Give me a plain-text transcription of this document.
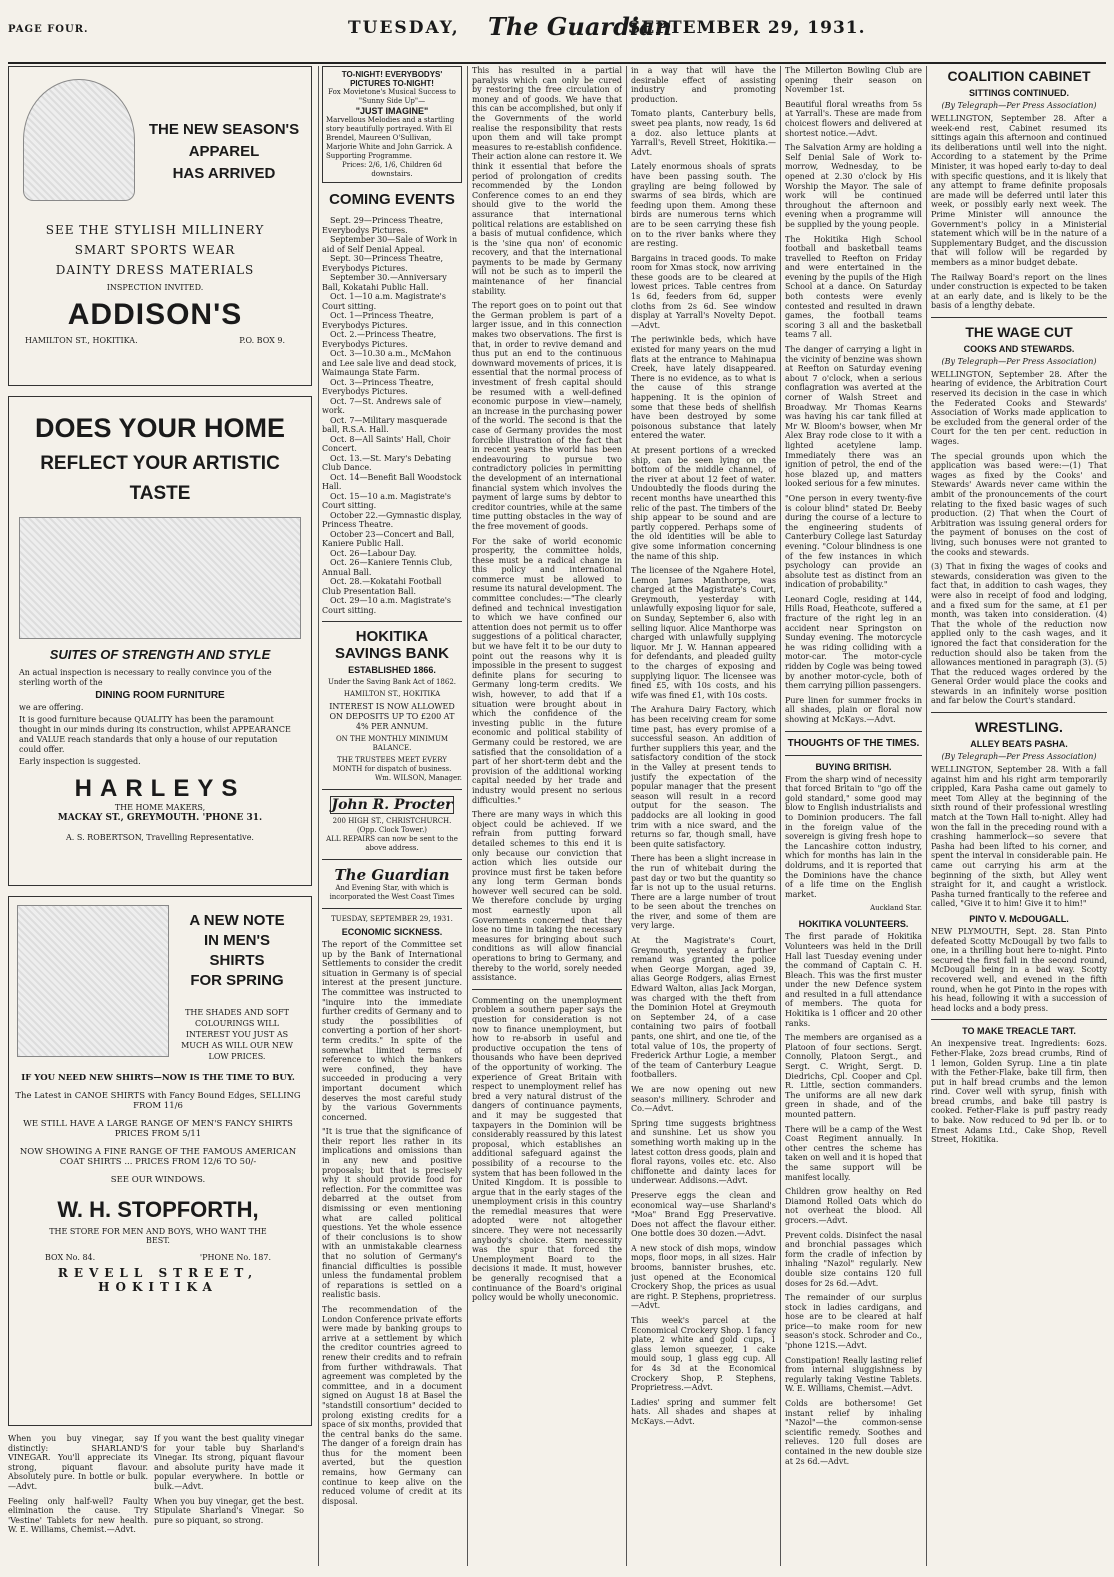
PAGE FOUR.	TUESDAY, The Guardian
SEPTEMBER 29, 1931.
THE NEW SEASON'S
APPAREL
HAS ARRIVED
SEE THE STYLISH MILLINERY
SMART SPORTS WEAR
DAINTY DRESS MATERIALS
INSPECTION INVITED.
ADDISON'S
HAMILTON ST., HOKITIKA.	P.O. BOX 9.
DOES YOUR HOME
REFLECT YOUR ARTISTIC
TASTE
SUITES OF STRENGTH AND STYLE
An actual inspection is necessary to really convince you of the sterling worth of the
DINING ROOM FURNITURE
we are offering.
It is good furniture because QUALITY has been the paramount thought in our minds during its construction, whilst APPEARANCE and VALUE reach standards that only a house of our reputation could offer.
Early inspection is suggested.
HARLEYS
THE HOME MAKERS,
MACKAY ST., GREYMOUTH. 'PHONE 31.
A. S. ROBERTSON, Travelling Representative.
A NEW NOTE
IN MEN'S
SHIRTS
FOR SPRING
THE SHADES AND SOFT COLOURINGS WILL INTEREST YOU JUST AS MUCH AS WILL OUR NEW LOW PRICES.
IF YOU NEED NEW SHIRTS—NOW IS THE TIME TO BUY.
The Latest in CANOE SHIRTS with Fancy Bound Edges, SELLING FROM 11/6
WE STILL HAVE A LARGE RANGE OF MEN'S FANCY SHIRTS PRICES FROM 5/11
NOW SHOWING A FINE RANGE OF THE FAMOUS AMERICAN COAT SHIRTS ... PRICES FROM 12/6 TO 50/-
SEE OUR WINDOWS.
W. H. STOPFORTH,
THE STORE FOR MEN AND BOYS, WHO WANT THE BEST.
BOX No. 84.	'PHONE No. 187.
REVELL STREET, HOKITIKA
When you buy vinegar, say distinctly: SHARLAND'S VINEGAR. You'll appreciate its strong, piquant flavour. Absolutely pure. In bottle or bulk.—Advt.
If you want the best quality vinegar for your table buy Sharland's Vinegar. Its strong, piquant flavour and absolute purity have made it popular everywhere. In bottle or bulk.—Advt.
Feeling only half-well? Faulty elimination the cause. Try 'Vestine' Tablets for new health. W. E. Williams, Chemist.—Advt.
When you buy vinegar, get the best. Stipulate Sharland's Vinegar. So pure so piquant, so strong.
TO-NIGHT! EVERYBODYS' PICTURES TO-NIGHT!
Fox Movietone's Musical Success to "Sunny Side Up"—
"JUST IMAGINE"
Marvellous Melodies and a startling story beautifully portrayed. With El Brendel, Maureen O'Sullivan, Marjorie White and John Garrick. A Supporting Programme.
Prices: 2/6, 1/6, Children 6d downstairs.
COMING EVENTS
Sept. 29—Princess Theatre, Everybodys Pictures.
September 30—Sale of Work in aid of Self Denial Appeal.
Sept. 30—Princess Theatre, Everybodys Pictures.
September 30.—Anniversary Ball, Kokatahi Public Hall.
Oct. 1—10 a.m. Magistrate's Court sitting.
Oct. 1—Princess Theatre, Everybodys Pictures.
Oct. 2.—Princess Theatre, Everybodys Pictures.
Oct. 3—10.30 a.m., McMahon and Lee sale live and dead stock, Waimaunga State Farm.
Oct. 3—Princess Theatre, Everybodys Pictures.
Oct. 7—St. Andrews sale of work.
Oct. 7—Military masquerade ball, R.S.A. Hall.
Oct. 8—All Saints' Hall, Choir Concert.
Oct. 13.—St. Mary's Debating Club Dance.
Oct. 14—Benefit Ball Woodstock Hall.
Oct. 15—10 a.m. Magistrate's Court sitting.
October 22.—Gymnastic display, Princess Theatre.
October 23—Concert and Ball, Kaniere Public Hall.
Oct. 26—Labour Day.
Oct. 26—Kaniere Tennis Club, Annual Ball.
Oct. 28.—Kokatahi Football Club Presentation Ball.
Oct. 29—10 a.m. Magistrate's Court sitting.
HOKITIKA SAVINGS BANK
ESTABLISHED 1866.
Under the Saving Bank Act of 1862.
HAMILTON ST., HOKITIKA
INTEREST IS NOW ALLOWED ON DEPOSITS UP TO £200 AT 4% PER ANNUM.
ON THE MONTHLY MINIMUM BALANCE.
THE TRUSTEES MEET EVERY MONTH for dispatch of business.
Wm. WILSON, Manager.
John R. Procter
200 HIGH ST., CHRISTCHURCH. (Opp. Clock Tower.)
ALL REPAIRS can now be sent to the above address.
The Guardian
And Evening Star, with which is incorporated the West Coast Times
TUESDAY, SEPTEMBER 29, 1931.
ECONOMIC SICKNESS.
The report of the Committee set up by the Bank of International Settlements to consider the credit situation in Germany is of special interest at the present juncture. The committee was instructed to "inquire into the immediate further credits of Germany and to study the possibilities of converting a portion of her short-term credits." In spite of the somewhat limited terms of reference to which the bankers were confined, they have succeeded in producing a very important document which deserves the most careful study by the various Governments concerned.
"It is true that the significance of their report lies rather in its implications and omissions than in any new and positive proposals; but that is precisely why it should provide food for reflection. For the committee was debarred at the outset from dismissing or even mentioning what are called political questions. Yet the whole essence of their conclusions is to show with an unmistakable clearness that no solution of Germany's financial difficulties is possible unless the fundamental problem of reparations is settled on a realistic basis.
The recommendation of the London Conference private efforts were made by banking groups to arrive at a settlement by which the creditor countries agreed to renew their credits and to refrain from further withdrawals. That agreement was completed by the committee, and in a document signed on August 18 at Basel the "standstill consortium" decided to prolong existing credits for a space of six months, provided that the central banks do the same. The danger of a foreign drain has thus for the moment been averted, but the question remains, how Germany can continue to keep alive on the reduced volume of credit at its disposal.
This has resulted in a partial paralysis which can only be cured by restoring the free circulation of money and of goods. We have that this can be accomplished, but only if the Governments of the world realise the responsibility that rests upon them and will take prompt measures to re-establish confidence. Their action alone can restore it. We think it essential that before the period of prolongation of credits recommended by the London Conference comes to an end they should give to the world the assurance that international political relations are established on a basis of mutual confidence, which is the 'sine qua non' of economic recovery, and that the international payments to be made by Germany will not be such as to imperil the maintenance of her financial stability.
The report goes on to point out that the German problem is part of a larger issue, and in this connection makes two observations. The first is that, in order to revive demand and thus put an end to the continuous downward movements of prices, it is essential that the normal process of investment of fresh capital should be resumed with a well-defined economic purpose in view—namely, an increase in the purchasing power of the world. The second is that the case of Germany provides the most forcible illustration of the fact that in recent years the world has been endeavouring to pursue two contradictory policies in permitting the development of an international financial system which involves the payment of large sums by debtor to creditor countries, while at the same time putting obstacles in the way of the free movement of goods.
For the sake of world economic prosperity, the committee holds, these must be a radical change in this policy and international commerce must be allowed to resume its natural development. The committee concludes:—"The clearly defined and technical investigation to which we have confined our attention does not permit us to offer suggestions of a political character, but we have felt it to be our duty to point out the reasons why it is impossible in the present to suggest definite plans for securing to Germany long-term credits. We wish, however, to add that if a situation were brought about in which the confidence of the investing public in the future economic and political stability of Germany could be restored, we are satisfied that the consolidation of a part of her short-term debt and the provision of the additional working capital needed by her trade and industry would present no serious difficulties."
There are many ways in which this object could be achieved. If we refrain from putting forward detailed schemes to this end it is only because our conviction that action which lies outside our province must first be taken before any long term German bonds however well secured can be sold. We therefore conclude by urging most earnestly upon all Governments concerned that they lose no time in taking the necessary measures for bringing about such conditions as will allow financial operations to bring to Germany, and thereby to the world, sorely needed assistance.
Commenting on the unemployment problem a southern paper says the question for consideration is not now to finance unemployment, but how to re-absorb in useful and productive occupation the tens of thousands who have been deprived of the opportunity of working. The experience of Great Britain with respect to unemployment relief has bred a very natural distrust of the dangers of continuance payments, and it may be suggested that taxpayers in the Dominion will be considerably reassured by this latest proposal, which establishes an additional safeguard against the possibility of a recourse to the system that has been followed in the United Kingdom. It is possible to argue that in the early stages of the unemployment crisis in this country the remedial measures that were adopted were not altogether sincere. They were not necessarily anybody's choice. Stern necessity was the spur that forced the Unemployment Board to the decisions it made. It must, however be generally recognised that a continuance of the Board's original policy would be wholly uneconomic.
in a way that will have the desirable effect of assisting industry and promoting production.
Tomato plants, Canterbury bells, sweet pea plants, now ready, 1s 6d a doz. also lettuce plants at Yarrall's, Revell Street, Hokitika.—Advt.
Lately enormous shoals of sprats have been passing south. The grayling are being followed by swarms of sea birds, which are feeding upon them. Among these birds are numerous terns which are to be seen carrying these fish on to the river banks where they are resting.
Bargains in traced goods. To make room for Xmas stock, now arriving these goods are to be cleared at lowest prices. Table centres from 1s 6d, feeders from 6d, supper cloths from 2s 6d. See window display at Yarrall's Novelty Depot.—Advt.
The periwinkle beds, which have existed for many years on the mud flats at the entrance to Mahinapua Creek, have lately disappeared. There is no evidence, as to what is the cause of this strange happening. It is the opinion of some that these beds of shellfish have been destroyed by some poisonous substance that lately entered the water.
At present portions of a wrecked ship, can be seen lying on the bottom of the middle channel, of the river at about 12 feet of water. Undoubtedly the floods during the recent months have unearthed this relic of the past. The timbers of the ship appear to be sound and are partly coppered. Perhaps some of the old identities will be able to give some information concerning the name of this ship.
The licensee of the Ngahere Hotel, Lemon James Manthorpe, was charged at the Magistrate's Court, Greymouth, yesterday with unlawfully exposing liquor for sale, on Sunday, September 6, also with selling liquor. Alice Manthorpe was charged with unlawfully supplying liquor. Mr J. W. Hannan appeared for defendants, and pleaded guilty to the charges of exposing and supplying liquor. The licensee was fined £5, with 10s costs, and his wife was fined £1, with 10s costs.
The Arahura Dairy Factory, which has been receiving cream for some time past, has every promise of a successful season. An addition of further suppliers this year, and the satisfactory condition of the stock in the Valley at present tends to justify the expectation of the popular manager that the present season will result in a record output for the season. The paddocks are all looking in good trim with a nice sward, and the returns so far, though small, have been quite satisfactory.
There has been a slight increase in the run of whitebait during the past day or two but the quantity so far is not up to the usual returns. There are a large number of trout to be seen about the trenches on the river, and some of them are very large.
At the Magistrate's Court, Greymouth, yesterday a further remand was granted the police when George Morgan, aged 39, alias George Rodgers, alias Ernest Edward Walton, alias Jack Morgan, was charged with the theft from the Dominion Hotel at Greymouth on September 24, of a case containing two pairs of football pants, one shirt, and one tie, of the total value of 10s, the property of Frederick Arthur Logie, a member of the team of Canterbury League footballers.
We are now opening out new season's millinery. Schroder and Co.—Advt.
Spring time suggests brightness and sunshine. Let us show you something worth making up in the latest cotton dress goods, plain and floral rayons, voiles etc. etc. Also chiffonette and dainty laces for underwear. Addisons.—Advt.
Preserve eggs the clean and economical way—use Sharland's "Moa" Brand Egg Preservative. Does not affect the flavour either. One bottle does 30 dozen.—Advt.
A new stock of dish mops, window mops, floor mops, in all sizes. Hair brooms, bannister brushes, etc. just opened at the Economical Crockery Shop, the prices as usual are right. P. Stephens, proprietress.—Advt.
This week's parcel at the Economical Crockery Shop. 1 fancy plate, 2 white and gold cups, 1 glass lemon squeezer, 1 cake mould soup, 1 glass egg cup. All for 4s 3d at the Economical Crockery Shop, P. Stephens, Proprietress.—Advt.
Ladies' spring and summer felt hats. All shades and shapes at McKays.—Advt.
The Millerton Bowling Club are opening their season on November 1st.
Beautiful floral wreaths from 5s at Yarrall's. These are made from choicest flowers and delivered at shortest notice.—Advt.
The Salvation Army are holding a Self Denial Sale of Work to-morrow, Wednesday, to be opened at 2.30 o'clock by His Worship the Mayor. The sale of work will be continued throughout the afternoon and evening when a programme will be supplied by the young people.
The Hokitika High School football and basketball teams travelled to Reefton on Friday and were entertained in the evening by the pupils of the High School at a dance. On Saturday both contests were evenly contested and resulted in drawn games, the football teams scoring 3 all and the basketball teams 7 all.
The danger of carrying a light in the vicinity of benzine was shown at Reefton on Saturday evening about 7 o'clock, when a serious conflagration was averted at the corner of Walsh Street and Broadway. Mr Thomas Kearns was having his car tank filled at Mr W. Bloom's bowser, when Mr Alex Bray rode close to it with a lighted acetylene lamp. Immediately there was an ignition of petrol, the end of the hose blazed up, and matters looked serious for a few minutes.
"One person in every twenty-five is colour blind" stated Dr. Beeby during the course of a lecture to the engineering students of Canterbury College last Saturday evening. "Colour blindness is one of the few instances in which psychology can provide an absolute test as distinct from an indication of probability."
Leonard Cogle, residing at 144, Hills Road, Heathcote, suffered a fracture of the right leg in an accident near Springston on Sunday evening. The motorcycle he was riding colliding with a motor-car. The motor-cycle ridden by Cogle was being towed by another motor-cycle, both of them carrying pillion passengers.
Pure linen for summer frocks in all shades, plain or floral now showing at McKays.—Advt.
THOUGHTS OF THE TIMES.
BUYING BRITISH.
From the sharp wind of necessity that forced Britain to "go off the gold standard," some good may blow to English industrialists and to Dominion producers. The fall in the foreign value of the sovereign is giving fresh hope to the Lancashire cotton industry, which for months has lain in the doldrums, and it is reported that the Dominions have the chance of a life time on the English market.
Auckland Star.
HOKITIKA VOLUNTEERS.
The first parade of Hokitika Volunteers was held in the Drill Hall last Tuesday evening under the command of Captain C. H. Bleach. This was the first muster under the new Defence system and resulted in a full attendance of members. The quota for Hokitika is 1 officer and 20 other ranks.
The members are organised as a Platoon of four sections. Sergt. Connolly, Platoon Sergt., and Sergt. C. Wright, Sergt. D. Diedrichs, Cpl. Cooper and Cpl. R. Little, section commanders. The uniforms are all new dark green in shade, and of the mounted pattern.
There will be a camp of the West Coast Regiment annually. In other centres the scheme has taken on well and it is hoped that the same support will be manifest locally.
Children grow healthy on Red Diamond Rolled Oats which do not overheat the blood. All grocers.—Advt.
Prevent colds. Disinfect the nasal and bronchial passages which form the cradle of infection by inhaling "Nazol" regularly. New double size contains 120 full doses for 2s 6d.—Advt.
The remainder of our surplus stock in ladies cardigans, and hose are to be cleared at half price—to make room for new season's stock. Schroder and Co., 'phone 121S.—Advt.
Constipation! Really lasting relief from internal sluggishness by regularly taking Vestine Tablets. W. E. Williams, Chemist.—Advt.
Colds are bothersome! Get instant relief by inhaling "Nazol"—the common-sense scientific remedy. Soothes and relieves. 120 full doses are contained in the new double size at 2s 6d.—Advt.
COALITION CABINET
SITTINGS CONTINUED.
(By Telegraph—Per Press Association)
WELLINGTON, September 28. After a week-end rest, Cabinet resumed its sittings again this afternoon and continued its deliberations until well into the night. According to a statement by the Prime Minister, it was hoped early to-day to deal with specific questions, and it is likely that any attempt to frame definite proposals are made will be deferred until later this week, or possibly early next week. The Prime Minister will announce the Government's policy in a Ministerial statement which will be in the nature of a Supplementary Budget, and the discussion that will follow will be regarded by members as a minor budget debate.
The Railway Board's report on the lines under construction is expected to be taken at an early date, and is likely to be the basis of a lengthy debate.
THE WAGE CUT
COOKS AND STEWARDS.
(By Telegraph—Per Press Association)
WELLINGTON, September 28. After the hearing of evidence, the Arbitration Court reserved its decision in the case in which the Federated Cooks and Stewards' Association of Works made application to be excluded from the general order of the Court for the ten per cent. reduction in wages.
The special grounds upon which the application was based were:—(1) That wages as fixed by the Cooks' and Stewards' Awards never came within the ambit of the pronouncements of the court relating to the fixed basic wages of such production. (2) That when the Court of Arbitration was issuing general orders for the payment of bonuses on the cost of living, such bonuses were not granted to the cooks and stewards.
(3) That in fixing the wages of cooks and stewards, consideration was given to the fact that, in addition to cash wages, they were also in receipt of food and lodging, and a fixed sum for the same, at £1 per month, was taken into consideration. (4) That the whole of the reduction now applied only to the cash wages, and it ignored the fact that consideration for the reduction should also be taken from the allowances mentioned in paragraph (3). (5) That the reduced wages ordered by the General Order would place the cooks and stewards in an infinitely worse position and far below the Court's standard.
WRESTLING.
ALLEY BEATS PASHA.
(By Telegraph—Per Press Association)
WELLINGTON, September 28. With a fall against him and his right arm temporarily crippled, Kara Pasha came out gamely to meet Tom Alley at the beginning of the sixth round of their professional wrestling match at the Town Hall to-night. Alley had won the fall in the preceding round with a crashing hammerlock—so severe that Pasha had been lifted to his corner, and spent the interval in considerable pain. He came out carrying his arm at the beginning of the sixth, but Alley went straight for it, and caught a wristlock. Pasha turned frantically to the referee and called, "Give it to him! Give it to him!"
PINTO V. McDOUGALL.
NEW PLYMOUTH, Sept. 28. Stan Pinto defeated Scotty McDougall by two falls to one, in a thrilling bout here to-night. Pinto secured the first fall in the second round, McDougall being in a bad way. Scotty recovered well, and evened in the fifth round, when he got Pinto in the ropes with his head, following it with a succession of head locks and a body press.
TO MAKE TREACLE TART.
An inexpensive treat. Ingredients: 6ozs. Fether-Flake, 2ozs bread crumbs, Rind of 1 lemon, Golden Syrup. Line a tin plate with the Fether-Flake, bake till firm, then put in half bread crumbs and the lemon rind. Cover well with syrup, finish with bread crumbs, and bake till pastry is cooked. Fether-Flake is puff pastry ready to bake. Now reduced to 9d per lb. or to Ernest Adams Ltd., Cake Shop, Revell Street, Hokitika.
